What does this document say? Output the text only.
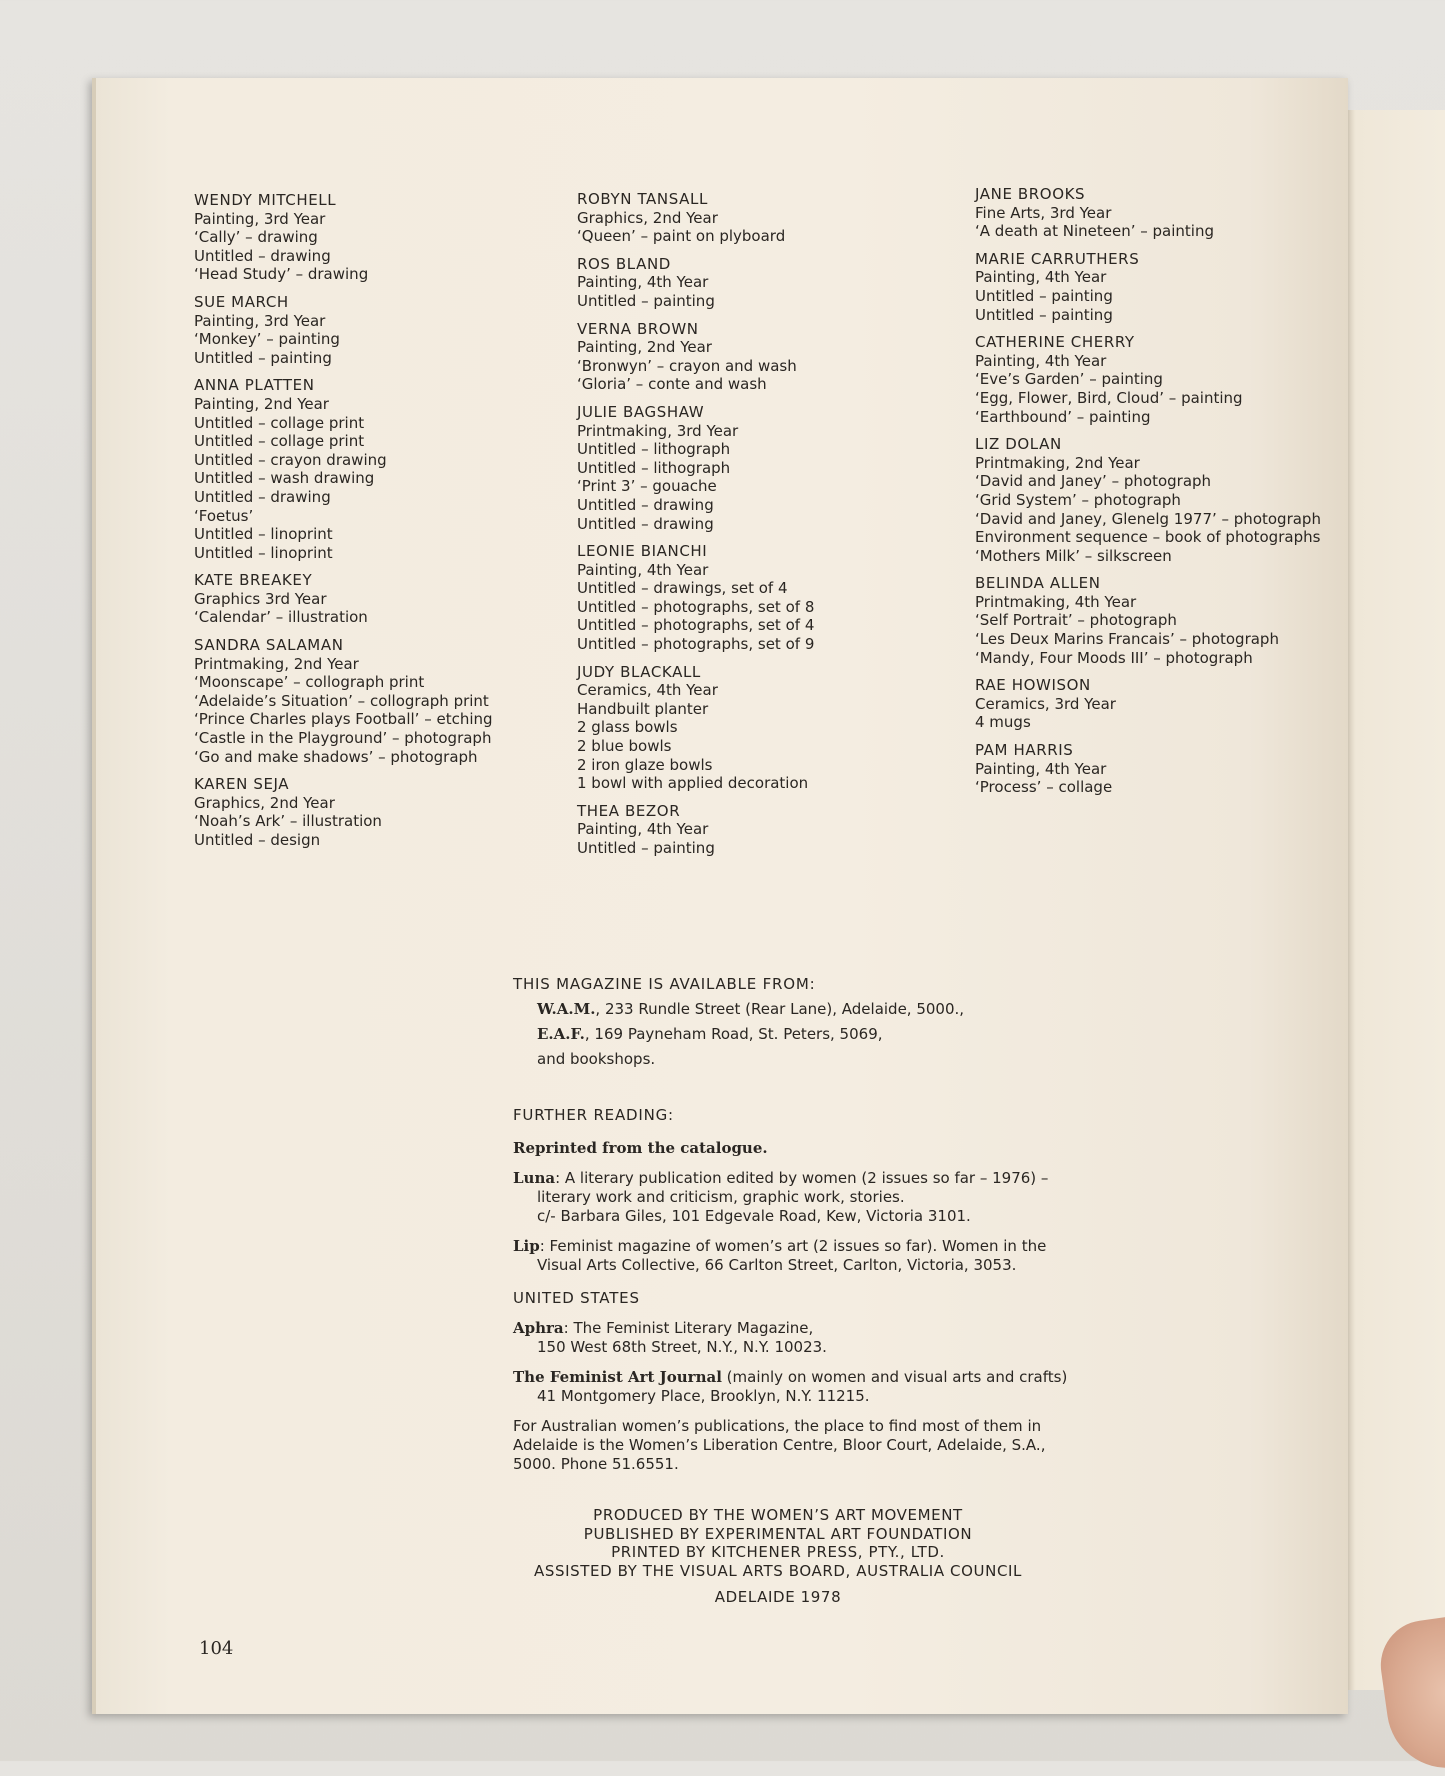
WENDY MITCHELL
Painting, 3rd Year
‘Cally’ – drawing
Untitled – drawing
‘Head Study’ – drawing
SUE MARCH
Painting, 3rd Year
‘Monkey’ – painting
Untitled – painting
ANNA PLATTEN
Painting, 2nd Year
Untitled – collage print
Untitled – collage print
Untitled – crayon drawing
Untitled – wash drawing
Untitled – drawing
‘Foetus’
Untitled – linoprint
Untitled – linoprint
KATE BREAKEY
Graphics 3rd Year
‘Calendar’ – illustration
SANDRA SALAMAN
Printmaking, 2nd Year
‘Moonscape’ – collograph print
‘Adelaide’s Situation’ – collograph print
‘Prince Charles plays Football’ – etching
‘Castle in the Playground’ – photograph
‘Go and make shadows’ – photograph
KAREN SEJA
Graphics, 2nd Year
‘Noah’s Ark’ – illustration
Untitled – design
ROBYN TANSALL
Graphics, 2nd Year
‘Queen’ – paint on plyboard
ROS BLAND
Painting, 4th Year
Untitled – painting
VERNA BROWN
Painting, 2nd Year
‘Bronwyn’ – crayon and wash
‘Gloria’ – conte and wash
JULIE BAGSHAW
Printmaking, 3rd Year
Untitled – lithograph
Untitled – lithograph
‘Print 3’ – gouache
Untitled – drawing
Untitled – drawing
LEONIE BIANCHI
Painting, 4th Year
Untitled – drawings, set of 4
Untitled – photographs, set of 8
Untitled – photographs, set of 4
Untitled – photographs, set of 9
JUDY BLACKALL
Ceramics, 4th Year
Handbuilt planter
2 glass bowls
2 blue bowls
2 iron glaze bowls
1 bowl with applied decoration
THEA BEZOR
Painting, 4th Year
Untitled – painting
JANE BROOKS
Fine Arts, 3rd Year
‘A death at Nineteen’ – painting
MARIE CARRUTHERS
Painting, 4th Year
Untitled – painting
Untitled – painting
CATHERINE CHERRY
Painting, 4th Year
‘Eve’s Garden’ – painting
‘Egg, Flower, Bird, Cloud’ – painting
‘Earthbound’ – painting
LIZ DOLAN
Printmaking, 2nd Year
‘David and Janey’ – photograph
‘Grid System’ – photograph
‘David and Janey, Glenelg 1977’ – photograph
Environment sequence – book of photographs
‘Mothers Milk’ – silkscreen
BELINDA ALLEN
Printmaking, 4th Year
‘Self Portrait’ – photograph
‘Les Deux Marins Francais’ – photograph
‘Mandy, Four Moods III’ – photograph
RAE HOWISON
Ceramics, 3rd Year
4 mugs
PAM HARRIS
Painting, 4th Year
‘Process’ – collage
THIS MAGAZINE IS AVAILABLE FROM:
W.A.M., 233 Rundle Street (Rear Lane), Adelaide, 5000.,
E.A.F., 169 Payneham Road, St. Peters, 5069,
and bookshops.
FURTHER READING:
Reprinted from the catalogue.
Luna: A literary publication edited by women (2 issues so far – 1976) –
literary work and criticism, graphic work, stories.
c/- Barbara Giles, 101 Edgevale Road, Kew, Victoria 3101.
Lip: Feminist magazine of women’s art (2 issues so far). Women in the
Visual Arts Collective, 66 Carlton Street, Carlton, Victoria, 3053.
UNITED STATES
Aphra: The Feminist Literary Magazine,
150 West 68th Street, N.Y., N.Y. 10023.
The Feminist Art Journal (mainly on women and visual arts and crafts)
41 Montgomery Place, Brooklyn, N.Y. 11215.
For Australian women’s publications, the place to find most of them in
Adelaide is the Women’s Liberation Centre, Bloor Court, Adelaide, S.A.,
5000. Phone 51.6551.
PRODUCED BY THE WOMEN’S ART MOVEMENT
PUBLISHED BY EXPERIMENTAL ART FOUNDATION
PRINTED BY KITCHENER PRESS, PTY., LTD.
ASSISTED BY THE VISUAL ARTS BOARD, AUSTRALIA COUNCIL
ADELAIDE 1978
104
